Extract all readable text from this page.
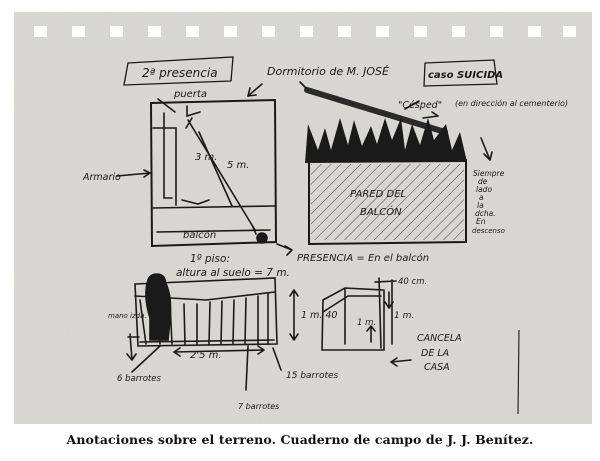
2ª presencia	Dormitorio de M. JOSÉ	caso SUICIDA
puerta
Armario
3 m.
5 m.
balcón
"Césped" (en dirección al cementerio)
VEGETACIÓN
PARED DEL
BALCÓN
Siempre
de
lado
a
la
dcha.
En
descenso
1º piso:
altura al suelo = 7 m.
PRESENCIA = En el balcón
mano izda.
2'5 m.
6 barrotes	15 barrotes
7 barrotes
40 cm.
1 m. 40
1 m.
1 m.
CANCELA
DE LA
CASA
Anotaciones sobre el terreno. Cuaderno de campo de J. J. Benítez.
